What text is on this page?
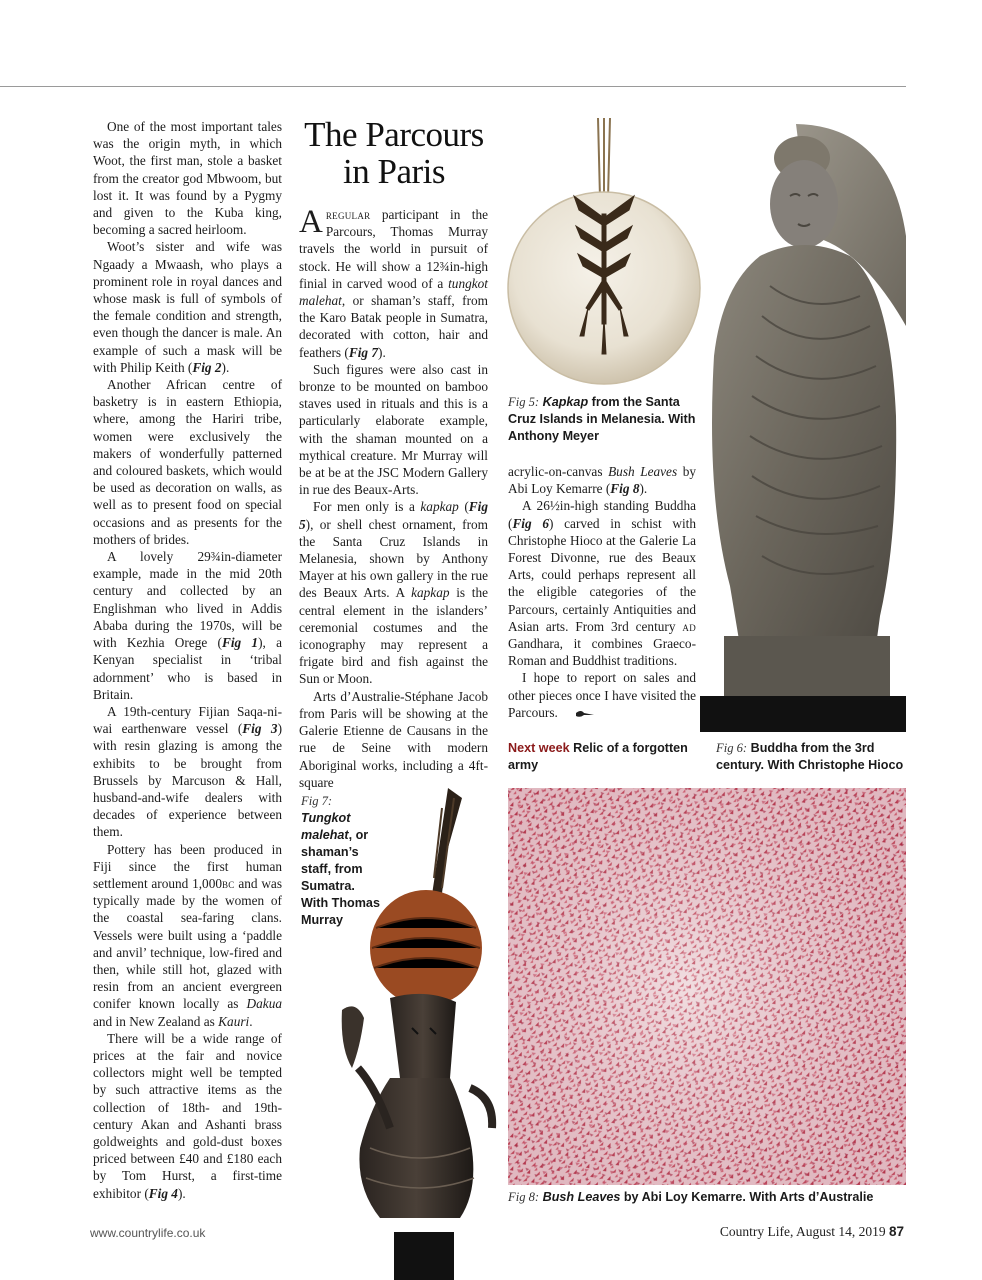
One of the most important tales was the origin myth, in which Woot, the first man, stole a basket from the creator god Mbwoom, but lost it. It was found by a Pygmy and given to the Kuba king, becoming a sacred heirloom.

Woot’s sister and wife was Ngaady a Mwaash, who plays a prominent role in royal dances and whose mask is full of symbols of the female condition and strength, even though the dancer is male. An example of such a mask will be with Philip Keith (Fig 2).

Another African centre of basketry is in eastern Ethiopia, where, among the Hariri tribe, women were exclusively the makers of wonderfully patterned and coloured baskets, which would be used as decoration on walls, as well as to present food on special occasions and as presents for the mothers of brides.

A lovely 29¾in-diameter example, made in the mid 20th century and collected by an Englishman who lived in Addis Ababa during the 1970s, will be with Kezhia Orege (Fig 1), a Kenyan specialist in ‘tribal adornment’ who is based in Britain.

A 19th-century Fijian Saqa-ni-wai earthenware vessel (Fig 3) with resin glazing is among the exhibits to be brought from Brussels by Marcuson & Hall, husband-and-wife dealers with decades of experience between them.

Pottery has been produced in Fiji since the first human settlement around 1,000bc and was typically made by the women of the coastal sea-faring clans. Vessels were built using a ‘paddle and anvil’ technique, low-fired and then, while still hot, glazed with resin from an ancient evergreen conifer known locally as Dakua and in New Zealand as Kauri.

There will be a wide range of prices at the fair and novice collectors might well be tempted by such attractive items as the collection of 18th- and 19th-century Akan and Ashanti brass goldweights and gold-dust boxes priced between £40 and £180 each by Tom Hurst, a first-time exhibitor (Fig 4).

The Parcours
in Paris

Aregular participant in the Parcours, Thomas Murray travels the world in pursuit of stock. He will show a 12¾in-high finial in carved wood of a tungkot malehat, or shaman’s staff, from the Karo Batak people in Sumatra, decorated with cotton, hair and feathers (Fig 7).

Such figures were also cast in bronze to be mounted on bamboo staves used in rituals and this is a particularly elaborate example, with the shaman mounted on a mythical creature. Mr Murray will be at be at the JSC Modern Gallery in rue des Beaux-Arts.

For men only is a kapkap (Fig 5), or shell chest ornament, from the Santa Cruz Islands in Melanesia, shown by Anthony Mayer at his own gallery in the rue des Beaux Arts. A kapkap is the central element in the islanders’ ceremonial costumes and the iconography may represent a frigate bird and fish against the Sun or Moon.

Arts d’Australie-Stéphane Jacob from Paris will be showing at the Galerie Etienne de Causans in the rue de Seine with modern Aboriginal works, including a 4ft-square

acrylic-on-canvas Bush Leaves by Abi Loy Kemarre (Fig 8).

A 26½in-high standing Buddha (Fig 6) carved in schist with Christophe Hioco at the Galerie La Forest Divonne, rue des Beaux Arts, could perhaps represent all the eligible categories of the Parcours, certainly Antiquities and Asian arts. From 3rd century ad Gandhara, it combines Graeco-Roman and Buddhist traditions.

I hope to report on sales and other pieces once I have visited the Parcours.

Fig 5: Kapkap from the Santa Cruz Islands in Melanesia. With Anthony Meyer
Next week Relic of a forgotten army
Fig 6: Buddha from the 3rd century. With Christophe Hioco
Fig 7:
Tungkot malehat, or shaman’s staff, from Sumatra. With Thomas Murray
Fig 8: Bush Leaves by Abi Loy Kemarre. With Arts d’Australie
www.countrylife.co.uk	Country Life, August 14, 2019 87
